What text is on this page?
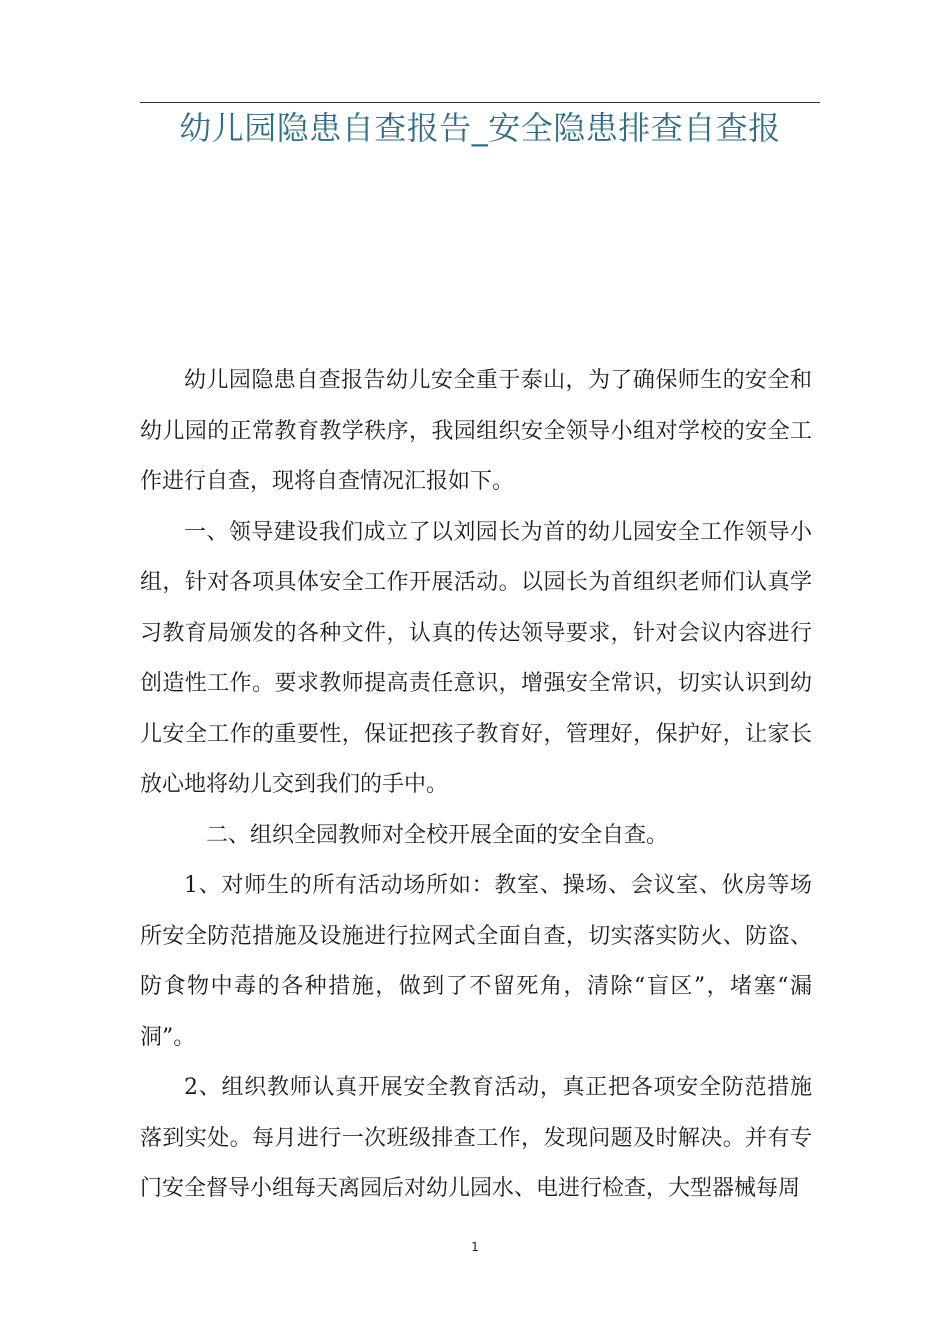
幼儿园隐患自查报告_安全隐患排查自查报

幼儿园隐患自查报告幼儿安全重于泰山，为了确保师生的安全和幼儿园的正常教育教学秩序，我园组织安全领导小组对学校的安全工作进行自查，现将自查情况汇报如下。

一、领导建设我们成立了以刘园长为首的幼儿园安全工作领导小组，针对各项具体安全工作开展活动。以园长为首组织老师们认真学习教育局颁发的各种文件，认真的传达领导要求，针对会议内容进行创造性工作。要求教师提高责任意识，增强安全常识，切实认识到幼儿安全工作的重要性，保证把孩子教育好，管理好，保护好，让家长放心地将幼儿交到我们的手中。

二、组织全园教师对全校开展全面的安全自查。

1、对师生的所有活动场所如：教室、操场、会议室、伙房等场所安全防范措施及设施进行拉网式全面自查，切实落实防火、防盗、防食物中毒的各种措施，做到了不留死角，清除“盲区”，堵塞“漏洞”。

2、组织教师认真开展安全教育活动，真正把各项安全防范措施落到实处。每月进行一次班级排查工作，发现问题及时解决。并有专门安全督导小组每天离园后对幼儿园水、电进行检查，大型器械每周

1
